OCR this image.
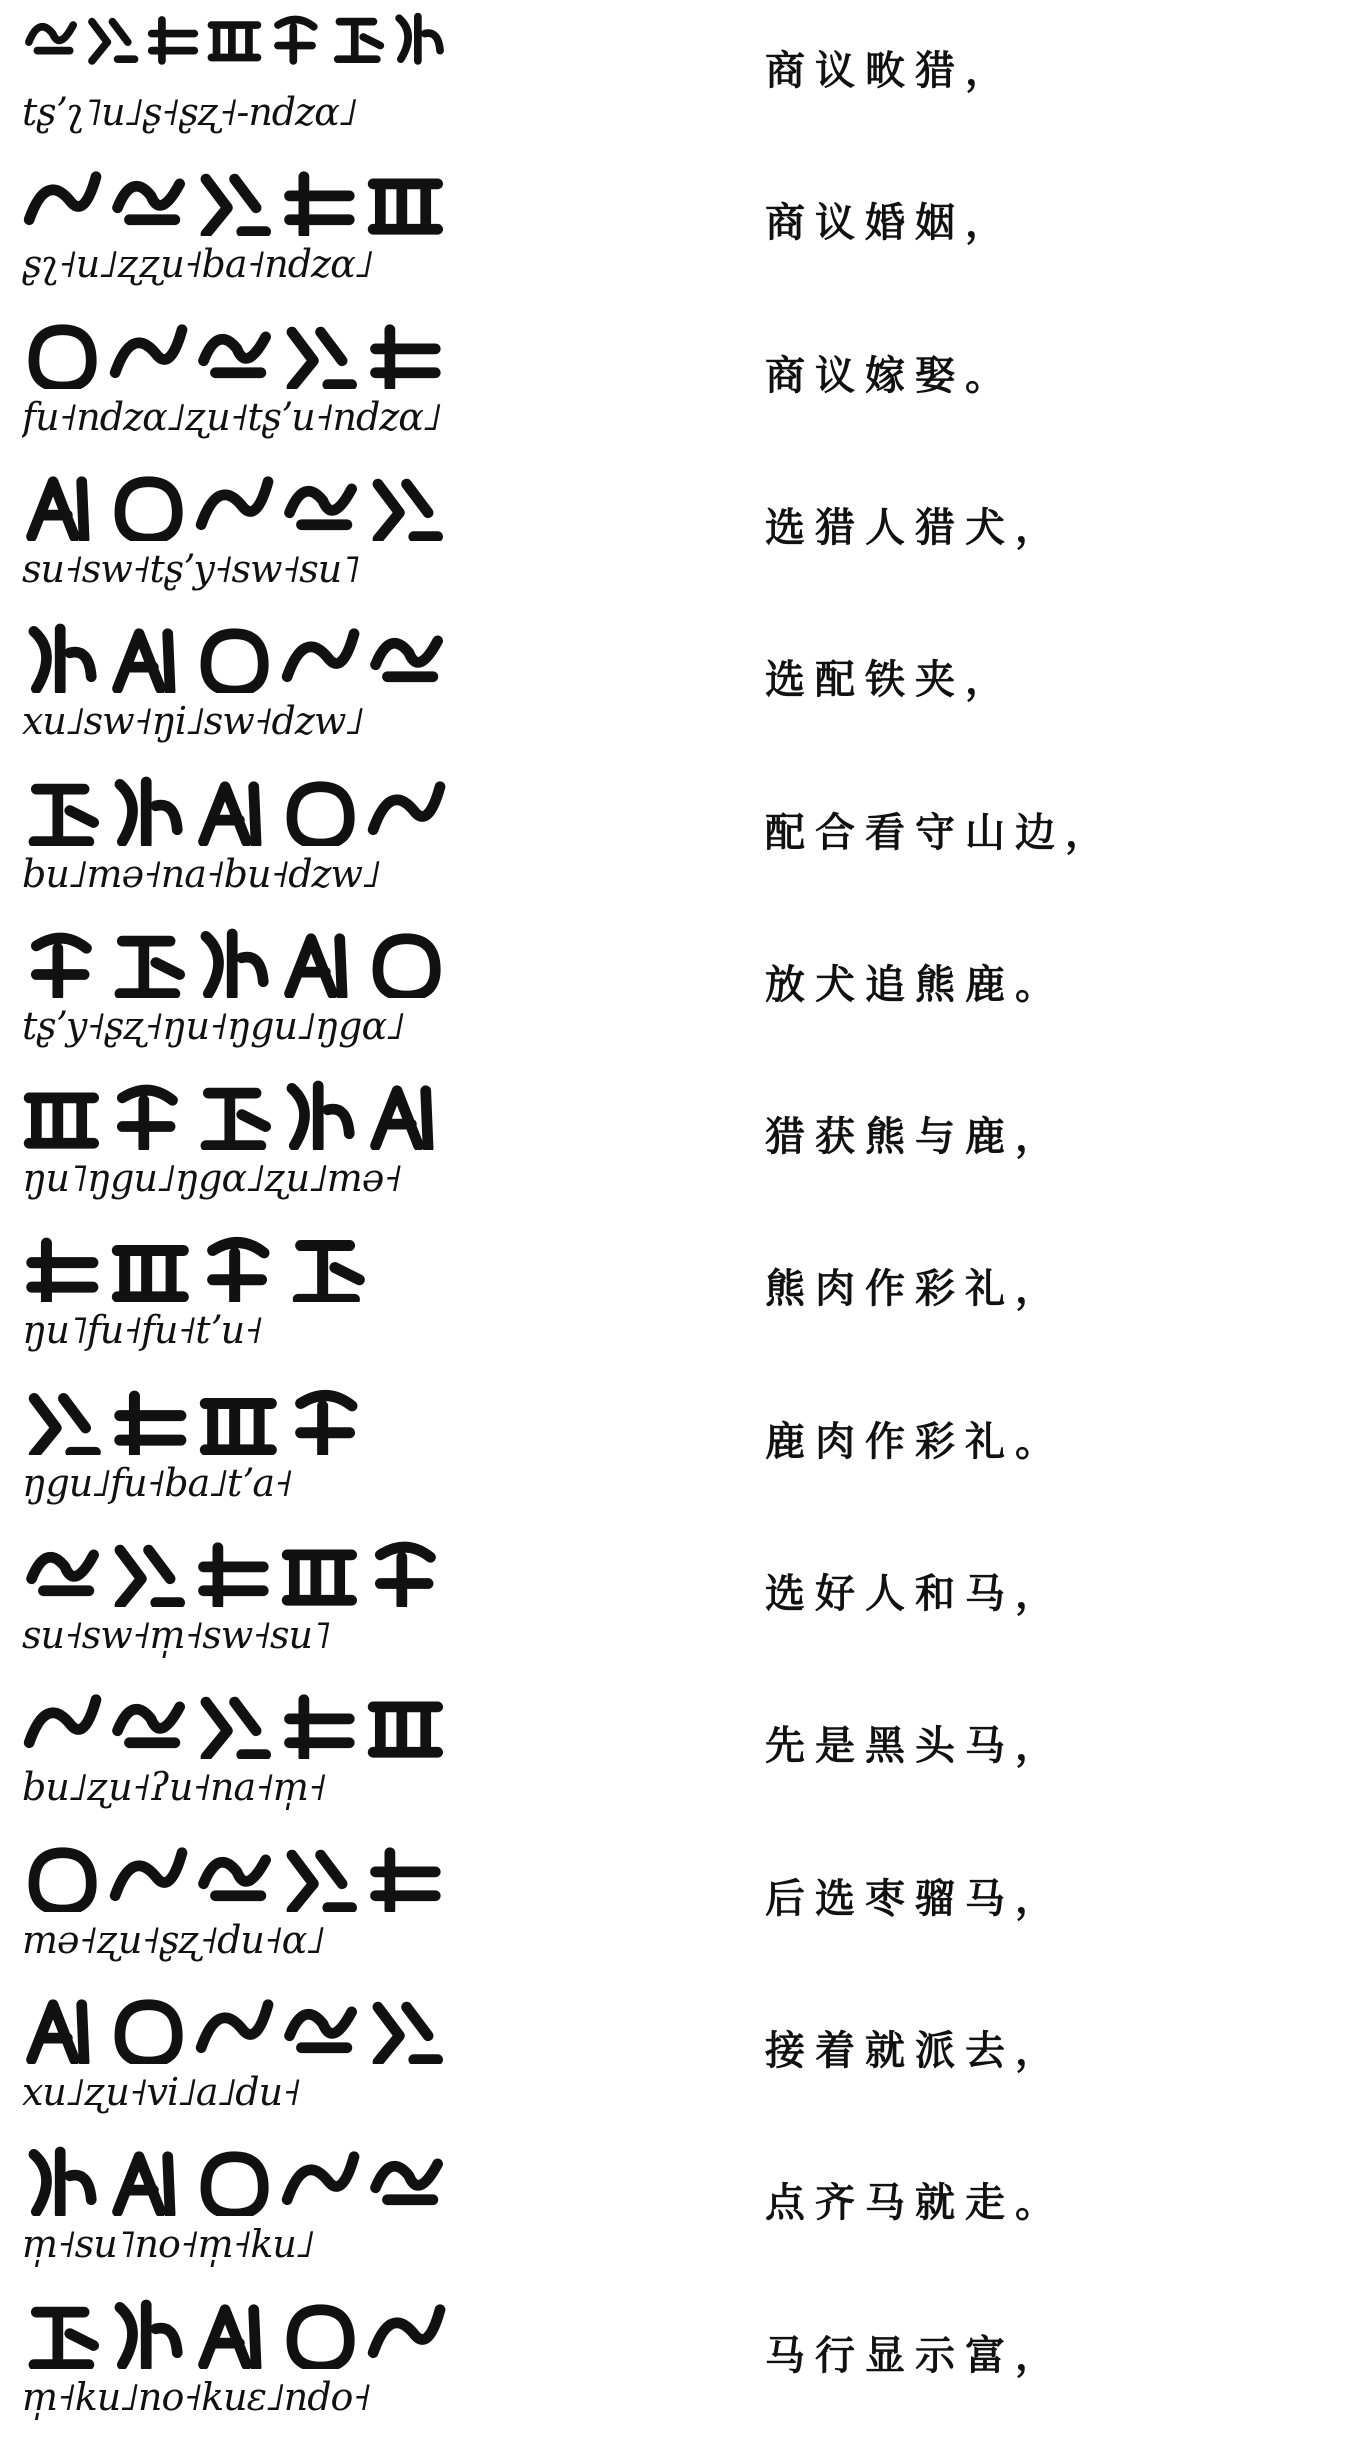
tʂʼʅ˥u˩ʂ˧ʂʐ˧-ndzɑ˩
商议畋猎，
ʂʅ˧u˩ʐʐu˧ba˧ndzɑ˩
商议婚姻，
fu˧ndzɑ˩ʐu˧tʂʼu˧ndzɑ˩
商议嫁娶。
su˧sw˧tʂʼy˧sw˧su˥
选猎人猎犬，
xu˩sw˧ŋi˩sw˧dzw˩
选配铁夹，
bu˩mə˧na˧bu˧dzw˩
配合看守山边，
tʂʼy˧ʂʐ˧ŋu˧ŋgu˩ŋgɑ˩
放犬追熊鹿。
ŋu˥ŋgu˩ŋgɑ˩ʐu˩mə˧
猎获熊与鹿，
ŋu˥fu˧fu˧tʼu˧
熊肉作彩礼，
ŋgu˩fu˧ba˩tʼa˧
鹿肉作彩礼。
su˧sw˧m̩˧sw˧su˥
选好人和马，
bu˩ʐu˧ʔu˧na˧m̩˧
先是黑头马，
mə˧ʐu˧ʂʐ˧du˧ɑ˩
后选枣骝马，
xu˩ʐu˧vi˩a˩du˧
接着就派去，
m̩˧su˥no˧m̩˧ku˩
点齐马就走。
m̩˧ku˩no˧kuɛ˩ndo˧
马行显示富，
